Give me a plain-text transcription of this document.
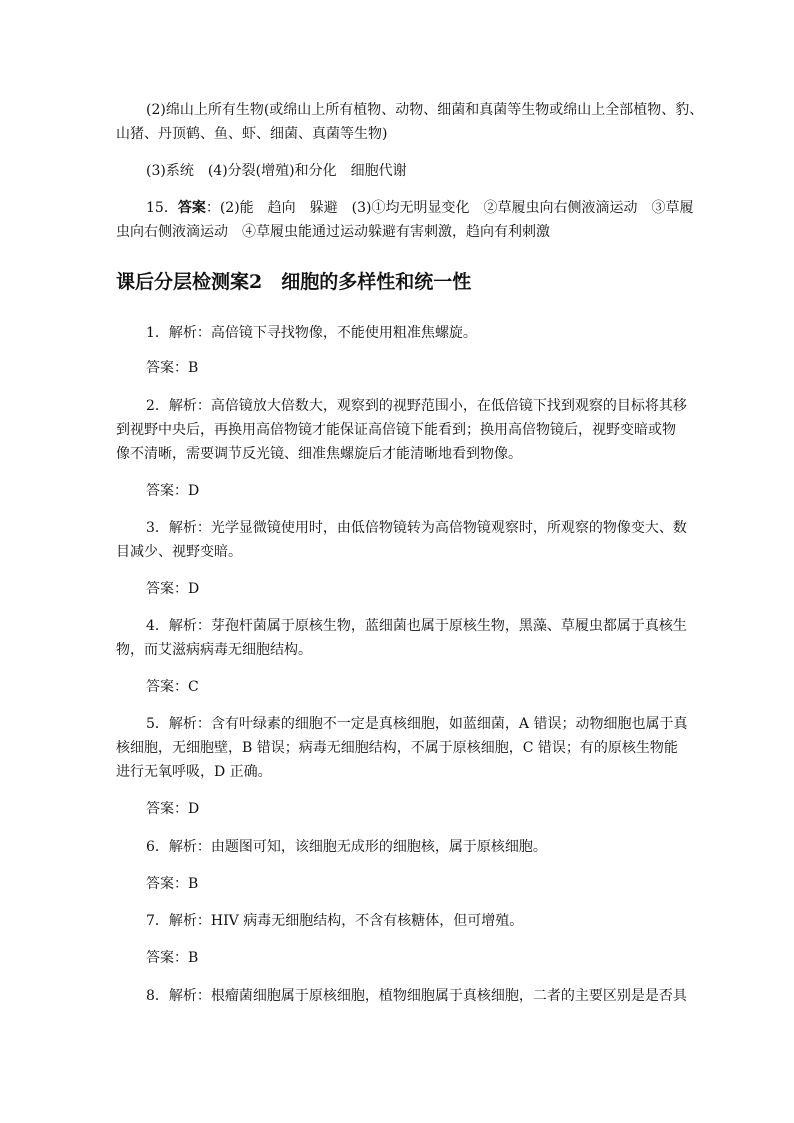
(2)绵山上所有生物(或绵山上所有植物、动物、细菌和真菌等生物或绵山上全部植物、豹、
山猪、丹顶鹤、鱼、虾、细菌、真菌等生物)
(3)系统　(4)分裂(增殖)和分化　细胞代谢
15．答案：(2)能　趋向　躲避　(3)①均无明显变化　②草履虫向右侧液滴运动　③草履
虫向右侧液滴运动　④草履虫能通过运动躲避有害刺激，趋向有利刺激
课后分层检测案2　细胞的多样性和统一性
1．解析：高倍镜下寻找物像，不能使用粗准焦螺旋。
答案：B
2．解析：高倍镜放大倍数大，观察到的视野范围小，在低倍镜下找到观察的目标将其移
到视野中央后，再换用高倍物镜才能保证高倍镜下能看到；换用高倍物镜后，视野变暗或物
像不清晰，需要调节反光镜、细准焦螺旋后才能清晰地看到物像。
答案：D
3．解析：光学显微镜使用时，由低倍物镜转为高倍物镜观察时，所观察的物像变大、数
目减少、视野变暗。
答案：D
4．解析：芽孢杆菌属于原核生物，蓝细菌也属于原核生物，黑藻、草履虫都属于真核生
物，而艾滋病病毒无细胞结构。
答案：C
5．解析：含有叶绿素的细胞不一定是真核细胞，如蓝细菌，A 错误；动物细胞也属于真
核细胞，无细胞壁，B 错误；病毒无细胞结构，不属于原核细胞，C 错误；有的原核生物能
进行无氧呼吸，D 正确。
答案：D
6．解析：由题图可知，该细胞无成形的细胞核，属于原核细胞。
答案：B
7．解析：HIV 病毒无细胞结构，不含有核糖体，但可增殖。
答案：B
8．解析：根瘤菌细胞属于原核细胞，植物细胞属于真核细胞，二者的主要区别是是否具
